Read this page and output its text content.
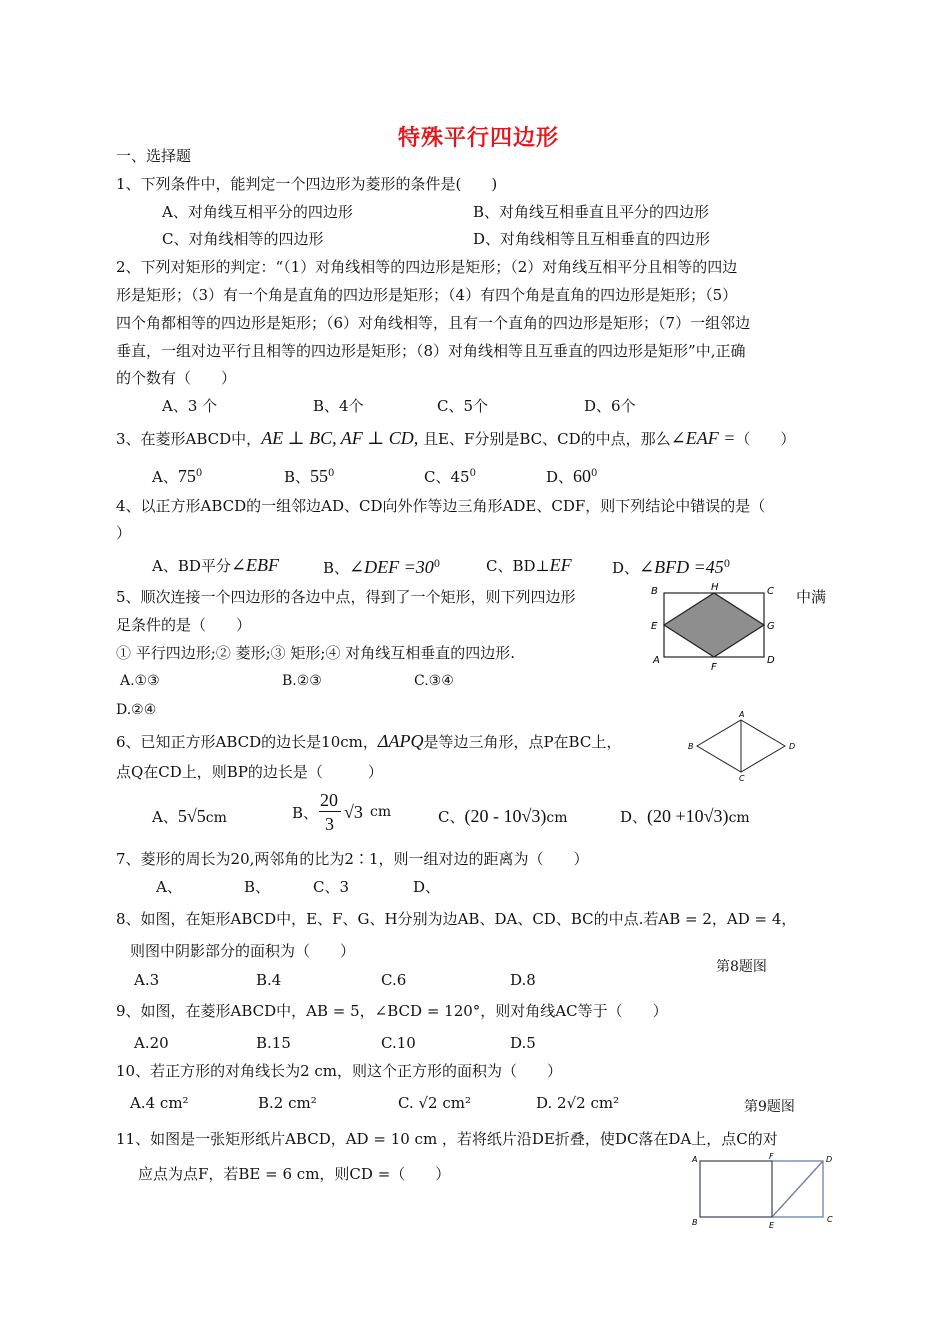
特殊平行四边形
一、选择题
1、下列条件中，能判定一个四边形为菱形的条件是(　　)
A、对角线互相平分的四边形	B、对角线互相垂直且平分的四边形
C、对角线相等的四边形	D、对角线相等且互相垂直的四边形
2、下列对矩形的判定：“（1）对角线相等的四边形是矩形；（2）对角线互相平分且相等的四边
形是矩形；（3）有一个角是直角的四边形是矩形；（4）有四个角是直角的四边形是矩形；（5）
四个角都相等的四边形是矩形；（6）对角线相等，且有一个直角的四边形是矩形；（7）一组邻边
垂直，一组对边平行且相等的四边形是矩形；（8）对角线相等且互垂直的四边形是矩形”中,正确
的个数有（　　）
A、3 个	B、4个	C、5个	D、6个
3、在菱形ABCD中，AE ⊥ BC, AF ⊥ CD, 且E、F分别是BC、CD的中点，那么∠EAF =（　　）
A、$75^0$	B、$55^0$	C、$45^0$	D、$60^0$
4、以正方形ABCD的一组邻边AD、CD向外作等边三角形ADE、CDF，则下列结论中错误的是（
）
A、BD平分∠EBF	B、∠DEF $=30^0$	C、BD⊥EF	D、∠BFD $=45^0$
5、顺次连接一个四边形的各边中点，得到了一个矩形，则下列四边形	中满
足条件的是（　　）
① 平行四边形;② 菱形;③ 矩形;④ 对角线互相垂直的四边形.
A.①③	B.②③	C.③④
D.②④
B	H	C
E	G
A
F
D
A
B	D
C
6、已知正方形ABCD的边长是10cm，ΔAPQ是等边三角形，点P在BC上，
点Q在CD上，则BP的边长是（　　　）
A、5√5cm	B、
20
3
√3 cm	C、(20 - 10√3)cm	D、(20 +10√3)cm
7、菱形的周长为20,两邻角的比为2∶1，则一组对边的距离为（　　）
A、	B、	C、3	D、
8、如图，在矩形ABCD中，E、F、G、H分别为边AB、DA、CD、BC的中点.若AB = 2，AD = 4，
则图中阴影部分的面积为（　　）
A.3	B.4	C.6	D.8
第8题图
9、如图，在菱形ABCD中，AB = 5，∠BCD = 120°，则对角线AC等于（　　）
A.20	B.15	C.10	D.5
10、若正方形的对角线长为2 cm，则这个正方形的面积为（　　）
A.4 cm²	B.2 cm²	C. √2 cm²	D. 2√2 cm²	第9题图
11、如图是一张矩形纸片ABCD，AD = 10 cm ，若将纸片沿DE折叠，使DC落在DA上，点C的对
应点为点F，若BE = 6 cm，则CD =（　　）
A	F	D
B	E
C
